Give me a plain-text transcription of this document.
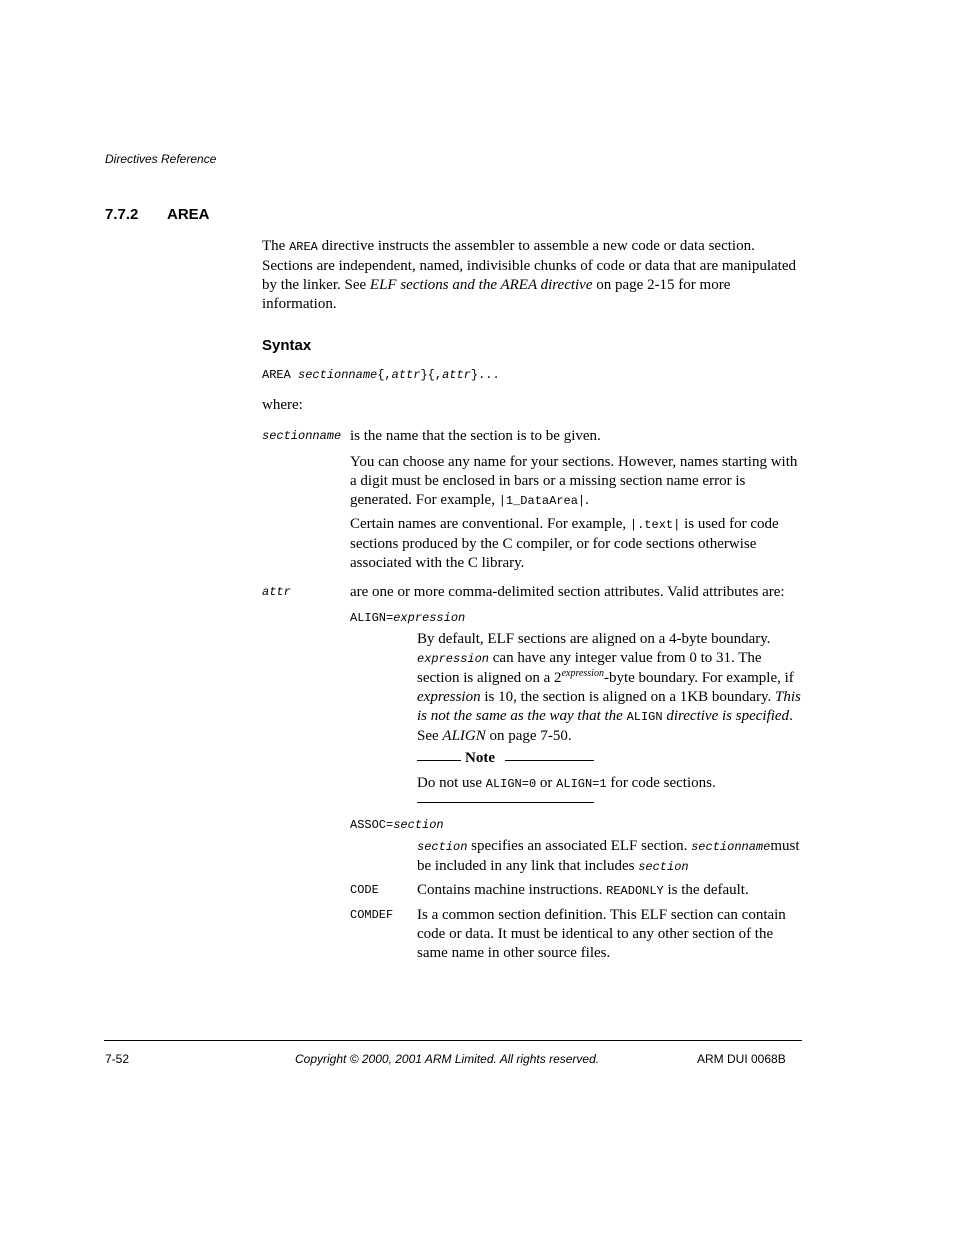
Directives Reference
7.7.2 AREA
The AREA directive instructs the assembler to assemble a new code or data section. Sections are independent, named, indivisible chunks of code or data that are manipulated by the linker. See ELF sections and the AREA directive on page 2-15 for more information.
Syntax
AREA sectionname{,attr}{,attr}...
where:
sectionname is the name that the section is to be given.
You can choose any name for your sections. However, names starting with a digit must be enclosed in bars or a missing section name error is generated. For example, |1_DataArea|.
Certain names are conventional. For example, |.text| is used for code sections produced by the C compiler, or for code sections otherwise associated with the C library.
attr	are one or more comma-delimited section attributes. Valid attributes are:
ALIGN=expression
By default, ELF sections are aligned on a 4-byte boundary. expression can have any integer value from 0 to 31. The section is aligned on a $2^{expression}$-byte boundary. For example, if expression is 10, the section is aligned on a 1KB boundary. This is not the same as the way that the ALIGN directive is specified. See ALIGN on page 7-50.
Note
Do not use ALIGN=0 or ALIGN=1 for code sections.
ASSOC=section
section specifies an associated ELF section. sectionnamemust be included in any link that includes section
CODE	Contains machine instructions. READONLY is the default.
COMDEF Is a common section definition. This ELF section can contain code or data. It must be identical to any other section of the same name in other source files.
7-52	Copyright © 2000, 2001 ARM Limited. All rights reserved.	ARM DUI 0068B
